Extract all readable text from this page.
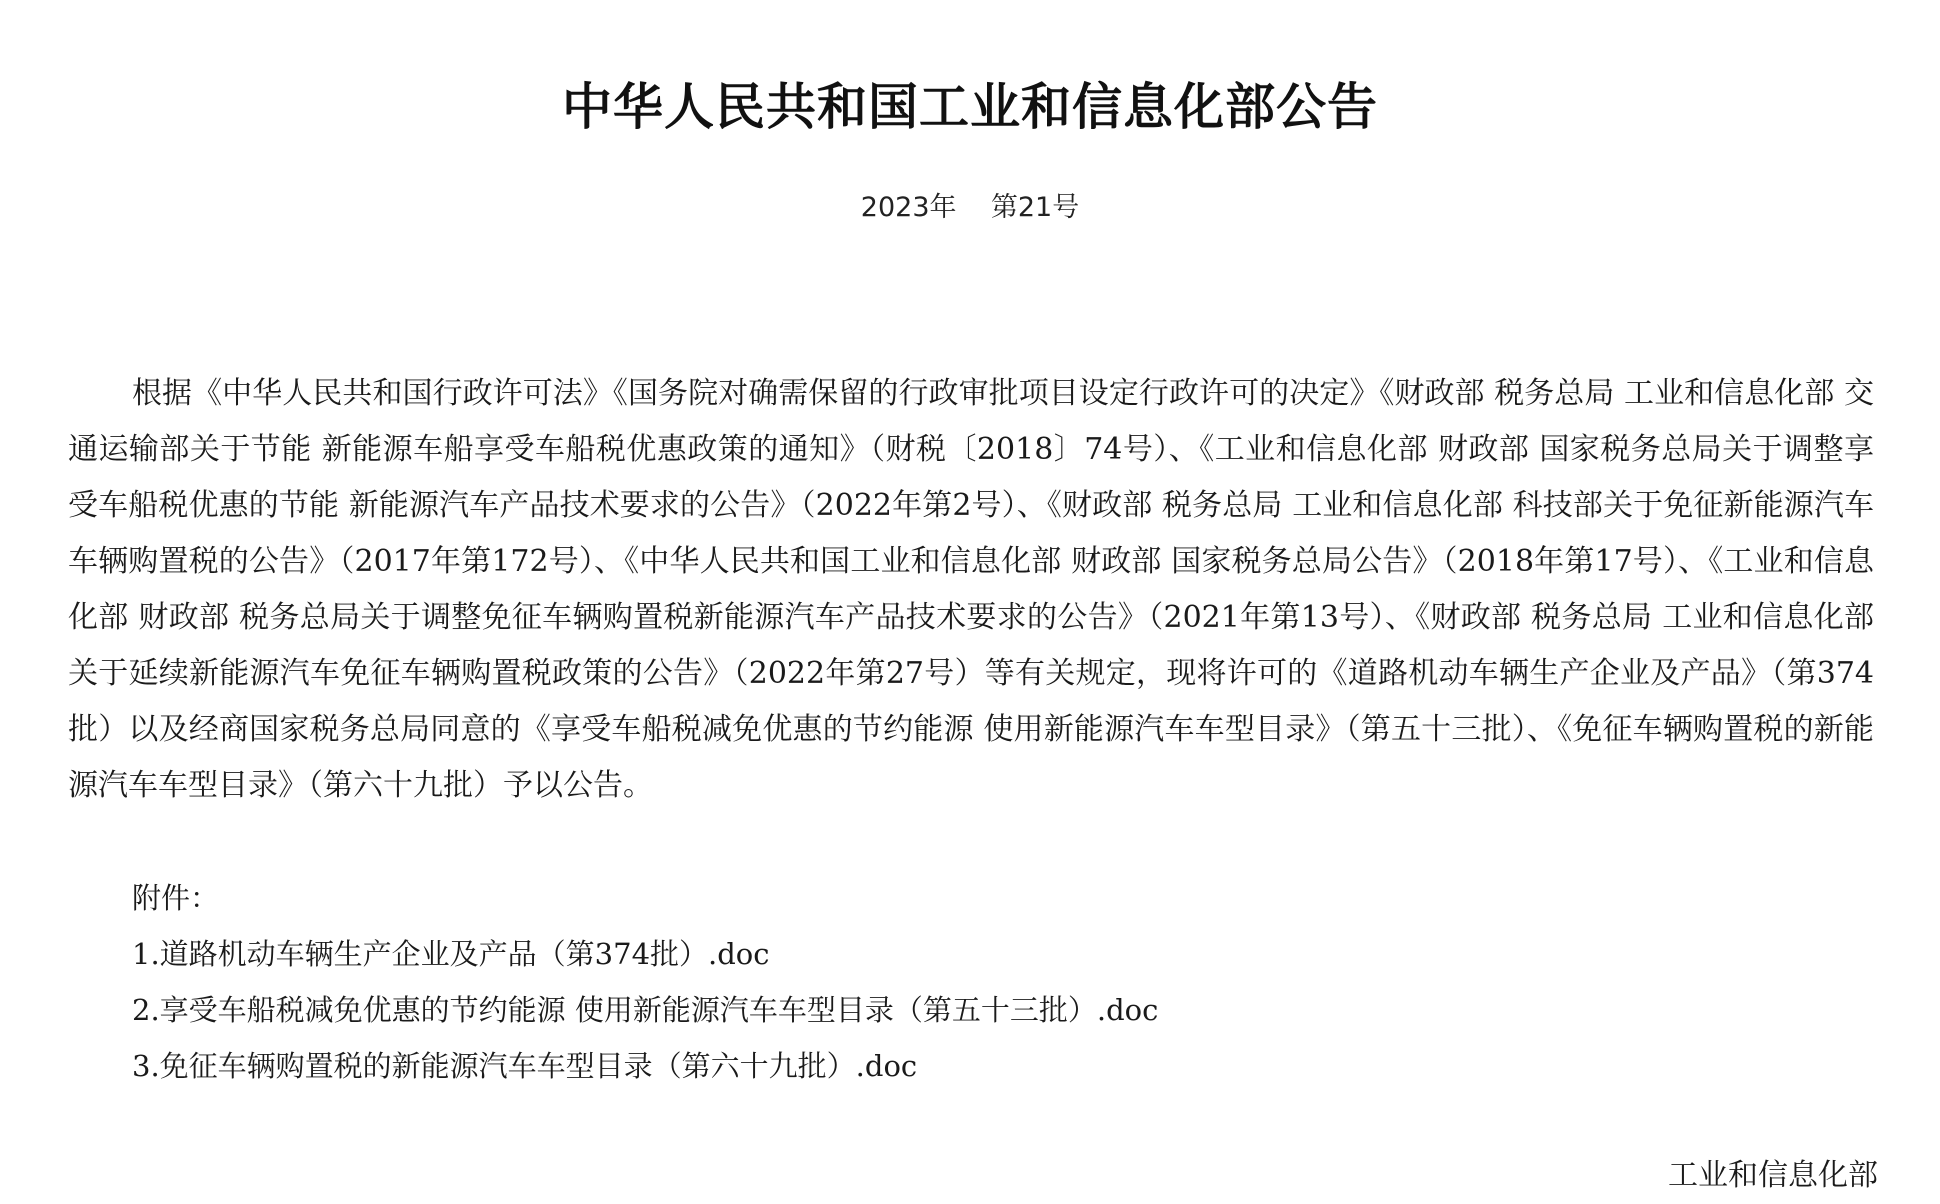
中华人民共和国工业和信息化部公告
2023年    第21号

根据《中华人民共和国行政许可法》《国务院对确需保留的行政审批项目设定行政许可的决定》《财政部 税务总局 工业和信息化部 交通运输部关于节能 新能源车船享受车船税优惠政策的通知》（财税〔2018〕74号）、《工业和信息化部 财政部 国家税务总局关于调整享受车船税优惠的节能 新能源汽车产品技术要求的公告》（2022年第2号）、《财政部 税务总局 工业和信息化部 科技部关于免征新能源汽车车辆购置税的公告》（2017年第172号）、《中华人民共和国工业和信息化部 财政部 国家税务总局公告》（2018年第17号）、《工业和信息化部 财政部 税务总局关于调整免征车辆购置税新能源汽车产品技术要求的公告》（2021年第13号）、《财政部 税务总局 工业和信息化部关于延续新能源汽车免征车辆购置税政策的公告》（2022年第27号）等有关规定，现将许可的《道路机动车辆生产企业及产品》（第374批）以及经商国家税务总局同意的《享受车船税减免优惠的节约能源 使用新能源汽车车型目录》（第五十三批）、《免征车辆购置税的新能源汽车车型目录》（第六十九批）予以公告。

附件：
1.道路机动车辆生产企业及产品（第374批）.doc
2.享受车船税减免优惠的节约能源 使用新能源汽车车型目录（第五十三批）.doc
3.免征车辆购置税的新能源汽车车型目录（第六十九批）.doc
工业和信息化部
